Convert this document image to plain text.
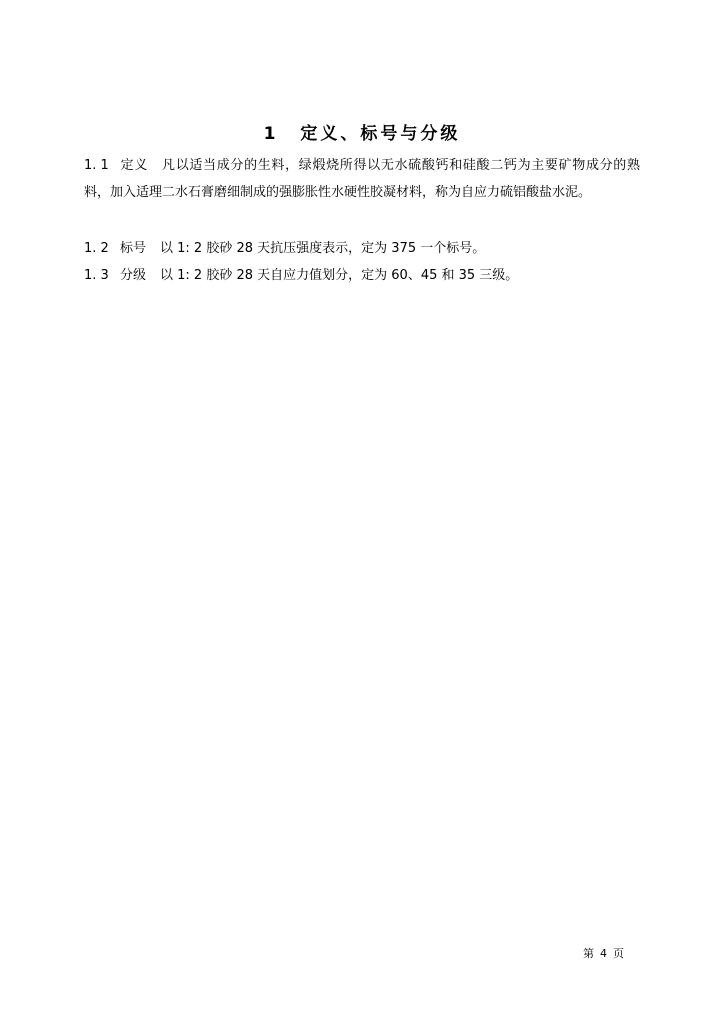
1 定义、标号与分级

1. 1 定义 凡以适当成分的生料，绿煅烧所得以无水硫酸钙和硅酸二钙为主要矿物成分的熟料，加入适理二水石膏磨细制成的强膨胀性水硬性胶凝材料，称为自应力硫铝酸盐水泥。

1. 2 标号 以 1: 2 胶砂 28 天抗压强度表示，定为 375 一个标号。

1. 3 分级 以 1: 2 胶砂 28 天自应力值划分，定为 60、45 和 35 三级。

第 4 页
